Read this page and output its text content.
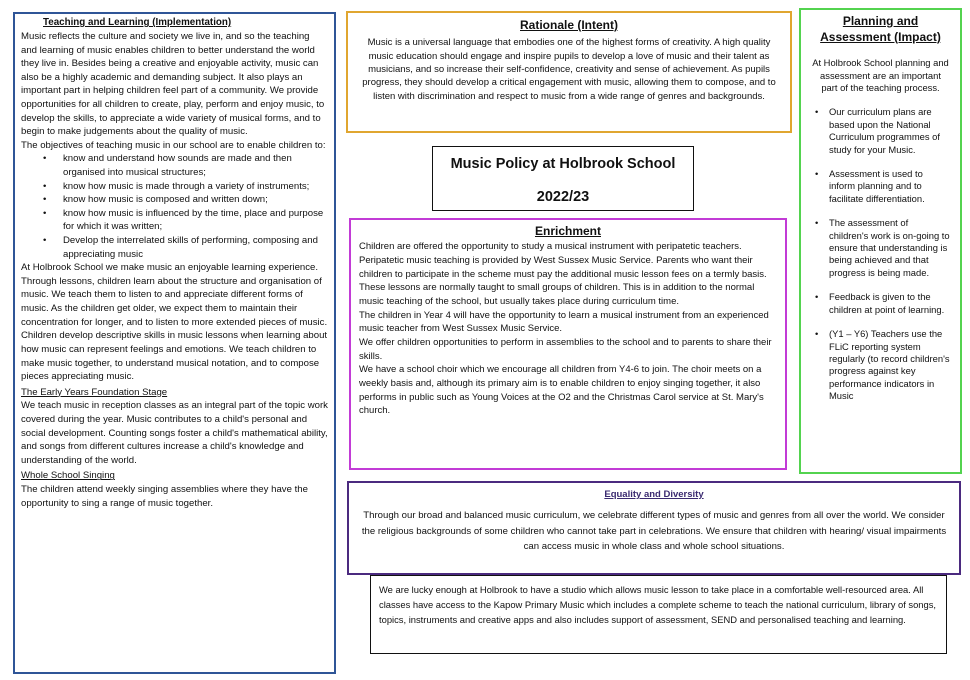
Teaching and Learning (Implementation)

Music reflects the culture and society we live in, and so the teaching and learning of music enables children to better understand the world they live in. Besides being a creative and enjoyable activity, music can also be a highly academic and demanding subject. It also plays an important part in helping children feel part of a community. We provide opportunities for all children to create, play, perform and enjoy music, to develop the skills, to appreciate a wide variety of musical forms, and to begin to make judgements about the quality of music.

The objectives of teaching music in our school are to enable children to:

• know and understand how sounds are made and then organised into musical structures;
• know how music is made through a variety of instruments;
• know how music is composed and written down;
• know how music is influenced by the time, place and purpose for which it was written;
• Develop the interrelated skills of performing, composing and appreciating music

At Holbrook School we make music an enjoyable learning experience. Through lessons, children learn about the structure and organisation of music. We teach them to listen to and appreciate different forms of music. As the children get older, we expect them to maintain their concentration for longer, and to listen to more extended pieces of music. Children develop descriptive skills in music lessons when learning about how music can represent feelings and emotions. We teach children to make music together, to understand musical notation, and to compose pieces appreciating music.

The Early Years Foundation Stage

We teach music in reception classes as an integral part of the topic work covered during the year. Music contributes to a child's personal and social development. Counting songs foster a child's mathematical ability, and songs from different cultures increase a child's knowledge and understanding of the world.

Whole School Singing

The children attend weekly singing assemblies where they have the opportunity to sing a range of music together.

Rationale (Intent)

Music is a universal language that embodies one of the highest forms of creativity. A high quality music education should engage and inspire pupils to develop a love of music and their talent as musicians, and so increase their self-confidence, creativity and sense of achievement. As pupils progress, they should develop a critical engagement with music, allowing them to compose, and to listen with discrimination and respect to music from a wide range of genres and backgrounds.

Music Policy at Holbrook School

2022/23

Enrichment

Children are offered the opportunity to study a musical instrument with peripatetic teachers. Peripatetic music teaching is provided by West Sussex Music Service. Parents who want their children to participate in the scheme must pay the additional music lesson fees on a termly basis. These lessons are normally taught to small groups of children. This is in addition to the normal music teaching of the school, but usually takes place during curriculum time.

The children in Year 4 will have the opportunity to learn a musical instrument from an experienced music teacher from West Sussex Music Service.

We offer children opportunities to perform in assemblies to the school and to parents to share their skills.

We have a school choir which we encourage all children from Y4-6 to join. The choir meets on a weekly basis and, although its primary aim is to enable children to enjoy singing together, it also performs in public such as Young Voices at the O2 and the Christmas Carol service at St. Mary's church.

Planning and Assessment (Impact)

At Holbrook School planning and assessment are an important part of the teaching process.

• Our curriculum plans are based upon the National Curriculum programmes of study for your Music.
• Assessment is used to inform planning and to facilitate differentiation.
• The assessment of children's work is on-going to ensure that understanding is being achieved and that progress is being made.
• Feedback is given to the children at point of learning.
• (Y1 – Y6) Teachers use the FLiC reporting system regularly (to record children's progress against key performance indicators in Music

Equality and Diversity

Through our broad and balanced music curriculum, we celebrate different types of music and genres from all over the world. We consider the religious backgrounds of some children who cannot take part in celebrations. We ensure that children with hearing/ visual impairments can access music in whole class and whole school situations.

We are lucky enough at Holbrook to have a studio which allows music lesson to take place in a comfortable well-resourced area. All classes have access to the Kapow Primary Music which includes a complete scheme to teach the national curriculum, library of songs, topics, instruments and creative apps and also includes support of assessment, SEND and personalised teaching and learning.
